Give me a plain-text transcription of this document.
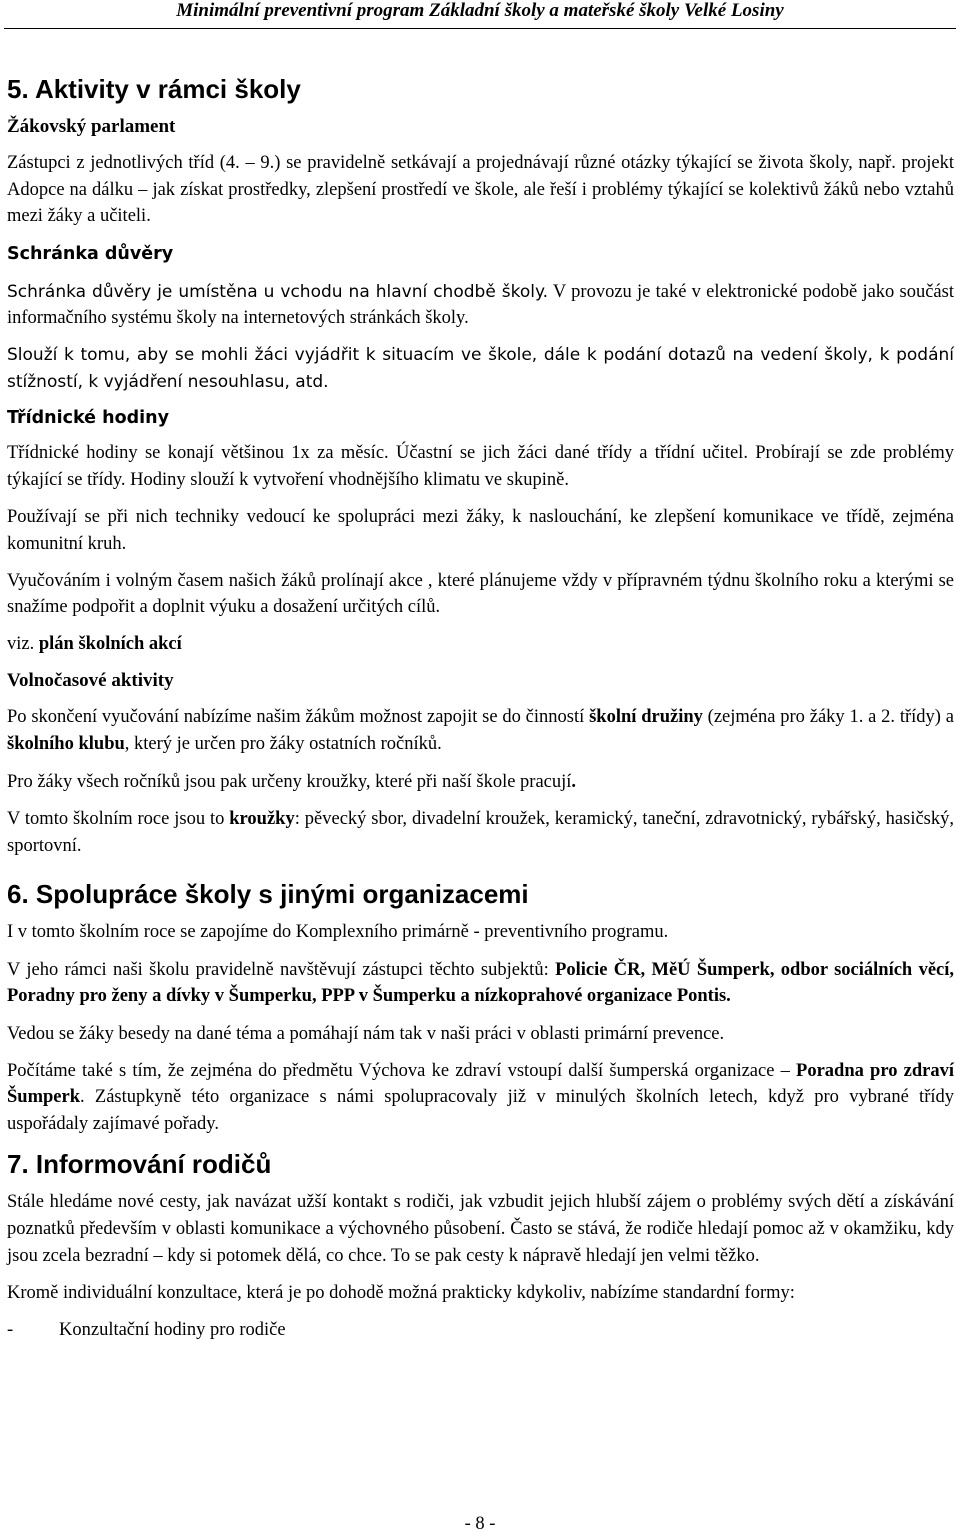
Minimální preventivní program Základní školy a mateřské školy Velké Losiny
5. Aktivity v rámci školy
Žákovský parlament

Zástupci z jednotlivých tříd (4. – 9.) se pravidelně setkávají a projednávají různé otázky týkající se života školy, např. projekt Adopce na dálku – jak získat prostředky, zlepšení prostředí ve škole, ale řeší i problémy týkající se kolektivů žáků nebo vztahů mezi žáky a učiteli.

Schránka důvěry

Schránka důvěry je umístěna u vchodu na hlavní chodbě školy. V provozu je také v elektronické podobě jako součást informačního systému školy na internetových stránkách školy.

Slouží k tomu, aby se mohli žáci vyjádřit k situacím ve škole, dále k podání dotazů na vedení školy, k podání stížností, k vyjádření nesouhlasu, atd.

Třídnické hodiny

Třídnické hodiny se konají většinou 1x za měsíc. Účastní se jich žáci dané třídy a třídní učitel. Probírají se zde problémy týkající se třídy. Hodiny slouží k vytvoření vhodnějšího klimatu ve skupině.

Používají se při nich techniky vedoucí ke spolupráci mezi žáky, k naslouchání, ke zlepšení komunikace ve třídě, zejména komunitní kruh.

Vyučováním i volným časem našich žáků prolínají akce , které plánujeme vždy v přípravném týdnu školního roku a kterými se snažíme podpořit a doplnit výuku a dosažení určitých cílů.

viz. plán školních akcí

Volnočasové aktivity

Po skončení vyučování nabízíme našim žákům možnost zapojit se do činností školní družiny (zejména pro žáky 1. a 2. třídy) a školního klubu, který je určen pro žáky ostatních ročníků.

Pro žáky všech ročníků jsou pak určeny kroužky, které při naší škole pracují.

V tomto školním roce jsou to kroužky: pěvecký sbor, divadelní kroužek, keramický, taneční, zdravotnický, rybářský, hasičský, sportovní.

6. Spolupráce školy s jinými organizacemi

I v tomto školním roce se zapojíme do Komplexního primárně - preventivního programu.

V jeho rámci naši školu pravidelně navštěvují zástupci těchto subjektů: Policie ČR, MěÚ Šumperk, odbor sociálních věcí, Poradny pro ženy a dívky v Šumperku, PPP v Šumperku a nízkoprahové organizace Pontis.

Vedou se žáky besedy na dané téma a pomáhají nám tak v naši práci v oblasti primární prevence.

Počítáme také s tím, že zejména do předmětu Výchova ke zdraví vstoupí další šumperská organizace – Poradna pro zdraví Šumperk. Zástupkyně této organizace s námi spolupracovaly již v minulých školních letech, když pro vybrané třídy uspořádaly zajímavé pořady.

7. Informování rodičů

Stále hledáme nové cesty, jak navázat užší kontakt s rodiči, jak vzbudit jejich hlubší zájem o problémy svých dětí a získávání poznatků především v oblasti komunikace a výchovného působení. Často se stává, že rodiče hledají pomoc až v okamžiku, kdy jsou zcela bezradní – kdy si potomek dělá, co chce. To se pak cesty k nápravě hledají jen velmi těžko.

Kromě individuální konzultace, která je po dohodě možná prakticky kdykoliv, nabízíme standardní formy:

-	Konzultační hodiny pro rodiče
- 8 -
